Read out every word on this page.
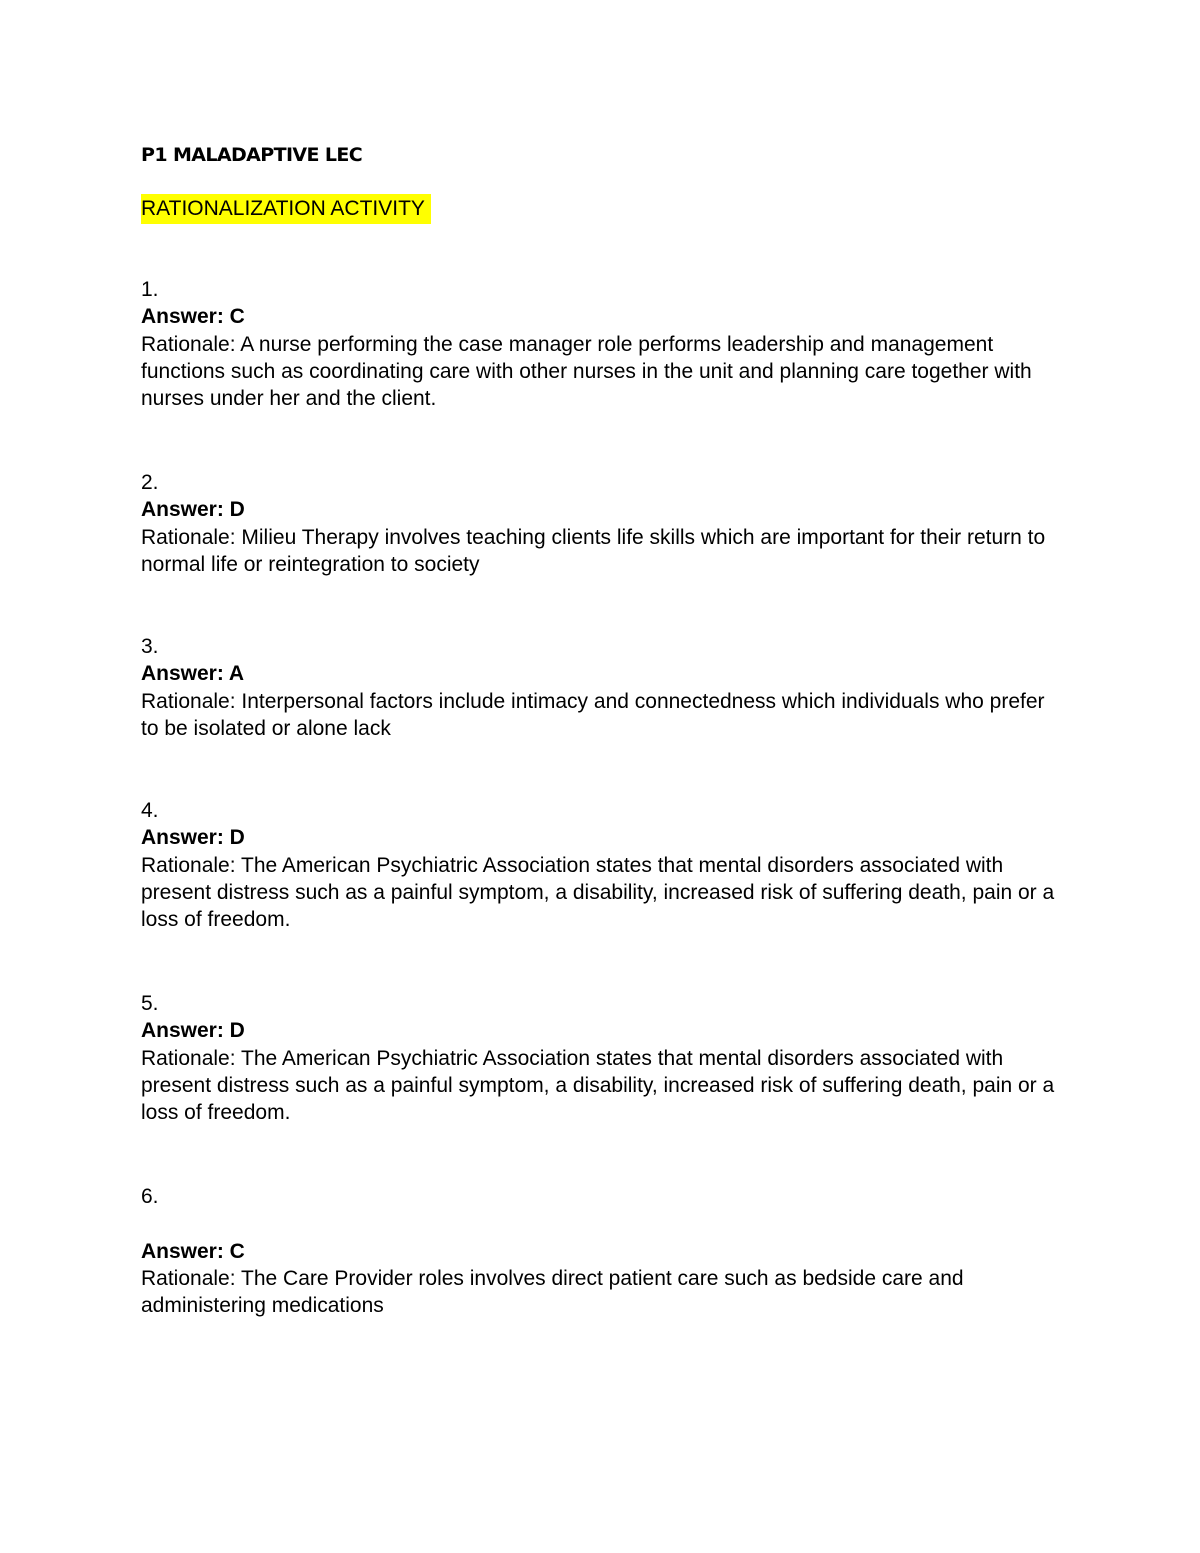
P1 MALADAPTIVE LEC
RATIONALIZATION ACTIVITY

1.

Answer: C

Rationale: A nurse performing the case manager role performs leadership and management functions such as coordinating care with other nurses in the unit and planning care together with nurses under her and the client.

2.

Answer: D

Rationale: Milieu Therapy involves teaching clients life skills which are important for their return to normal life or reintegration to society

3.

Answer: A

Rationale: Interpersonal factors include intimacy and connectedness which individuals who prefer to be isolated or alone lack

4.

Answer: D

Rationale: The American Psychiatric Association states that mental disorders associated with present distress such as a painful symptom, a disability, increased risk of suffering death, pain or a loss of freedom.

5.

Answer: D

Rationale: The American Psychiatric Association states that mental disorders associated with present distress such as a painful symptom, a disability, increased risk of suffering death, pain or a loss of freedom.

6.

Answer: C

Rationale: The Care Provider roles involves direct patient care such as bedside care and administering medications
